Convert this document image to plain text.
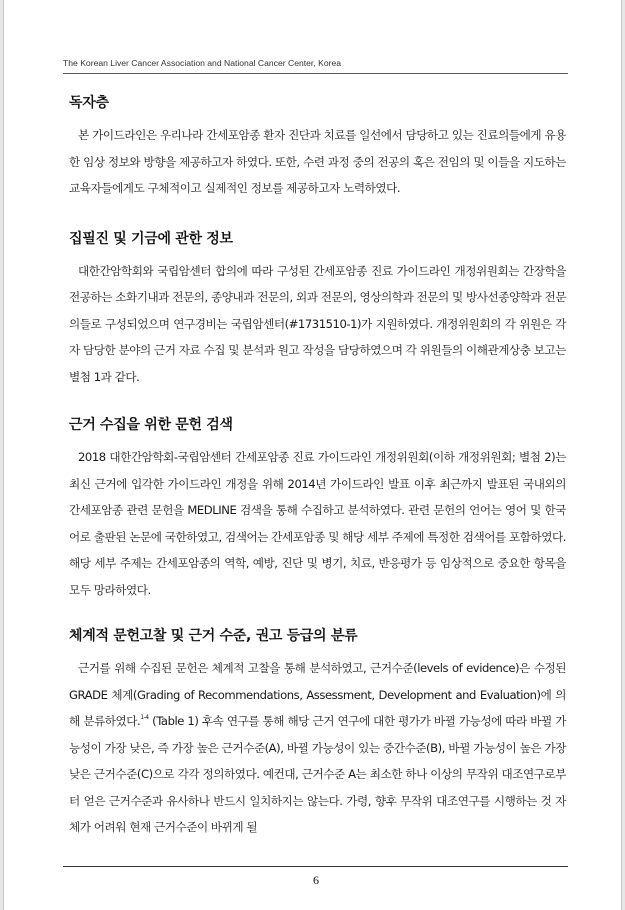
The Korean Liver Cancer Association and National Cancer Center, Korea
독자층

본 가이드라인은 우리나라 간세포암종 환자 진단과 치료를 일선에서 담당하고 있는 진료의들에게 유용한 임상 정보와 방향을 제공하고자 하였다. 또한, 수련 과정 중의 전공의 혹은 전임의 및 이들을 지도하는 교육자들에게도 구체적이고 실제적인 정보를 제공하고자 노력하였다.

집필진 및 기금에 관한 정보

대한간암학회와 국립암센터 합의에 따라 구성된 간세포암종 진료 가이드라인 개정위원회는 간장학을 전공하는 소화기내과 전문의, 종양내과 전문의, 외과 전문의, 영상의학과 전문의 및 방사선종양학과 전문의들로 구성되었으며 연구경비는 국립암센터(#1731510-1)가 지원하였다. 개정위원회의 각 위원은 각자 담당한 분야의 근거 자료 수집 및 분석과 원고 작성을 담당하였으며 각 위원들의 이해관계상충 보고는 별첨 1과 같다.

근거 수집을 위한 문헌 검색

2018 대한간암학회-국립암센터 간세포암종 진료 가이드라인 개정위원회(이하 개정위원회; 별첨 2)는 최신 근거에 입각한 가이드라인 개정을 위해 2014년 가이드라인 발표 이후 최근까지 발표된 국내외의 간세포암종 관련 문헌을 MEDLINE 검색을 통해 수집하고 분석하였다. 관련 문헌의 언어는 영어 및 한국어로 출판된 논문에 국한하였고, 검색어는 간세포암종 및 해당 세부 주제에 특정한 검색어를 포함하였다. 해당 세부 주제는 간세포암종의 역학, 예방, 진단 및 병기, 치료, 반응평가 등 임상적으로 중요한 항목을 모두 망라하였다.

체계적 문헌고찰 및 근거 수준, 권고 등급의 분류

근거를 위해 수집된 문헌은 체계적 고찰을 통해 분석하였고, 근거수준(levels of evidence)은 수정된 GRADE 체계(Grading of Recommendations, Assessment, Development and Evaluation)에 의해 분류하였다.$^{1-4}$ (Table 1) 후속 연구를 통해 해당 근거 연구에 대한 평가가 바뀔 가능성에 따라 바뀔 가능성이 가장 낮은, 즉 가장 높은 근거수준(A), 바뀔 가능성이 있는 중간수준(B), 바뀔 가능성이 높은 가장 낮은 근거수준(C)으로 각각 정의하였다. 예컨대, 근거수준 A는 최소한 하나 이상의 무작위 대조연구로부터 얻은 근거수준과 유사하나 반드시 일치하지는 않는다. 가령, 향후 무작위 대조연구를 시행하는 것 자체가 어려워 현재 근거수준이 바뀌게 될

6
